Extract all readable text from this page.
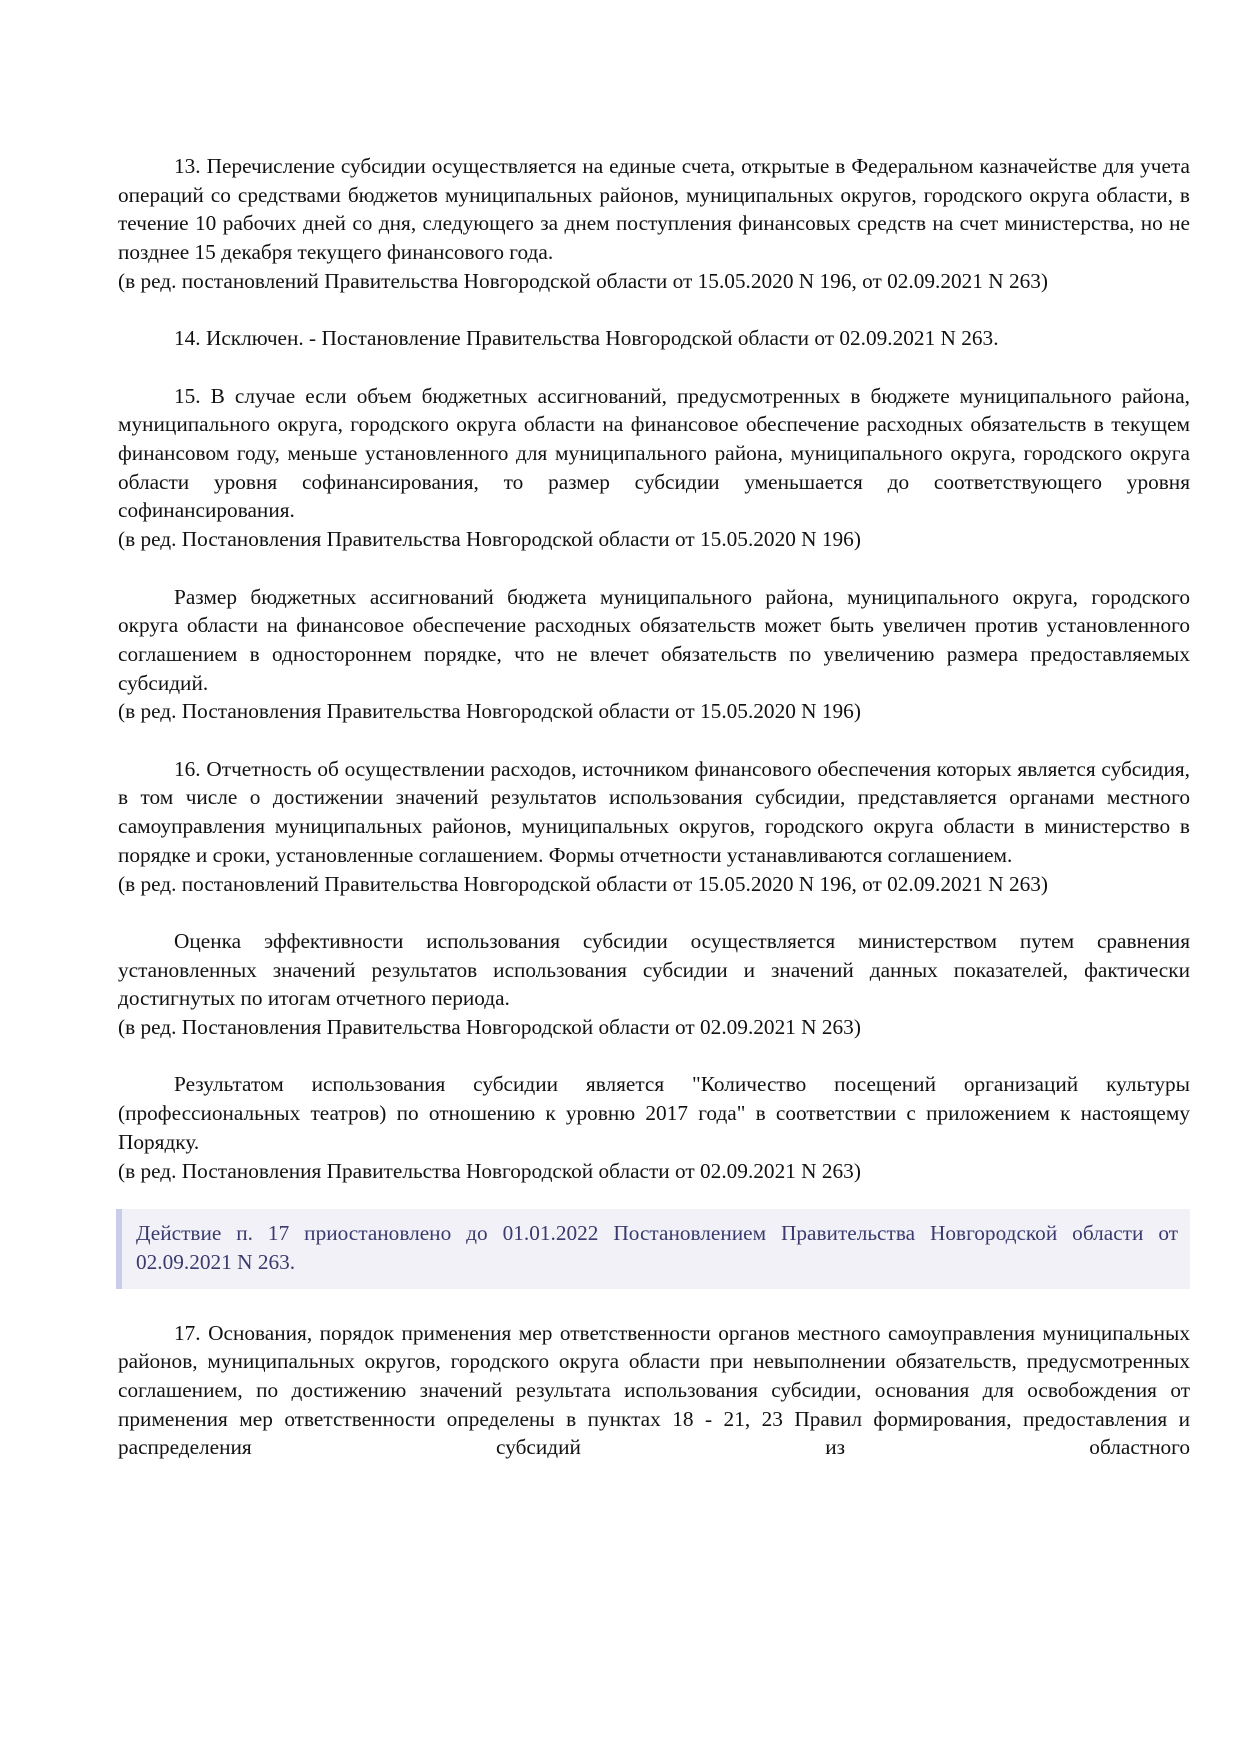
13. Перечисление субсидии осуществляется на единые счета, открытые в Федеральном казначействе для учета операций со средствами бюджетов муниципальных районов, муниципальных округов, городского округа области, в течение 10 рабочих дней со дня, следующего за днем поступления финансовых средств на счет министерства, но не позднее 15 декабря текущего финансового года.

(в ред. постановлений Правительства Новгородской области от 15.05.2020 N 196, от 02.09.2021 N 263)

14. Исключен. - Постановление Правительства Новгородской области от 02.09.2021 N 263.

15. В случае если объем бюджетных ассигнований, предусмотренных в бюджете муниципального района, муниципального округа, городского округа области на финансовое обеспечение расходных обязательств в текущем финансовом году, меньше установленного для муниципального района, муниципального округа, городского округа области уровня софинансирования, то размер субсидии уменьшается до соответствующего уровня софинансирования.

(в ред. Постановления Правительства Новгородской области от 15.05.2020 N 196)

Размер бюджетных ассигнований бюджета муниципального района, муниципального округа, городского округа области на финансовое обеспечение расходных обязательств может быть увеличен против установленного соглашением в одностороннем порядке, что не влечет обязательств по увеличению размера предоставляемых субсидий.

(в ред. Постановления Правительства Новгородской области от 15.05.2020 N 196)

16. Отчетность об осуществлении расходов, источником финансового обеспечения которых является субсидия, в том числе о достижении значений результатов использования субсидии, представляется органами местного самоуправления муниципальных районов, муниципальных округов, городского округа области в министерство в порядке и сроки, установленные соглашением. Формы отчетности устанавливаются соглашением.

(в ред. постановлений Правительства Новгородской области от 15.05.2020 N 196, от 02.09.2021 N 263)

Оценка эффективности использования субсидии осуществляется министерством путем сравнения установленных значений результатов использования субсидии и значений данных показателей, фактически достигнутых по итогам отчетного периода.

(в ред. Постановления Правительства Новгородской области от 02.09.2021 N 263)

Результатом использования субсидии является "Количество посещений организаций культуры (профессиональных театров) по отношению к уровню 2017 года" в соответствии с приложением к настоящему Порядку.

(в ред. Постановления Правительства Новгородской области от 02.09.2021 N 263)

Действие п. 17 приостановлено до 01.01.2022 Постановлением Правительства Новгородской области от 02.09.2021 N 263.

17. Основания, порядок применения мер ответственности органов местного самоуправления муниципальных районов, муниципальных округов, городского округа области при невыполнении обязательств, предусмотренных соглашением, по достижению значений результата использования субсидии, основания для освобождения от применения мер ответственности определены в пунктах 18 - 21, 23 Правил формирования, предоставления и распределения субсидий из областного
